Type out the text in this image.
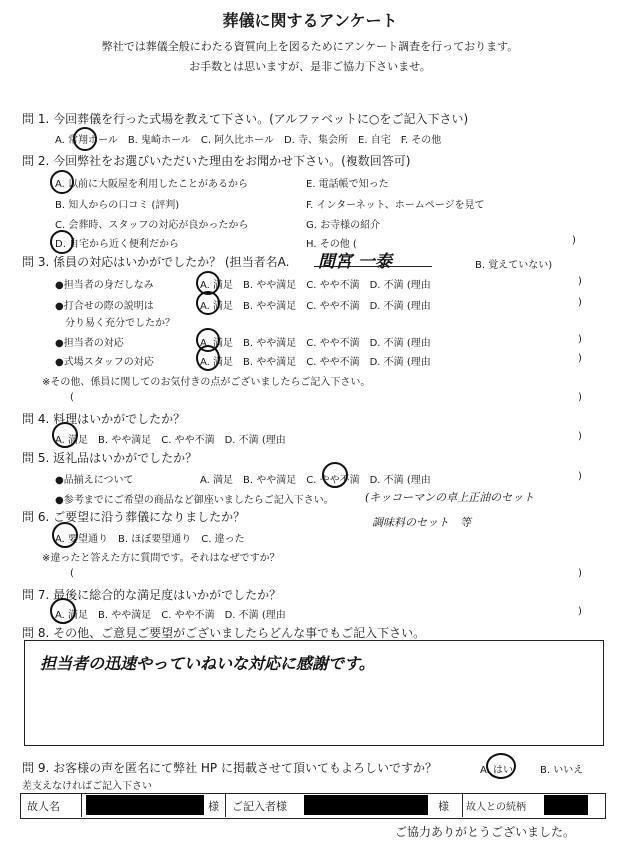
葬儀に関するアンケート
弊社では葬儀全般にわたる資質向上を図るためにアンケート調査を行っております。
お手数とは思いますが、是非ご協力下さいませ。
問 1. 今回葬儀を行った式場を教えて下さい。(アルファベットに○をご記入下さい)
A. 常翔ホール　B. 鬼崎ホール　C. 阿久比ホール　D. 寺、集会所　E. 自宅　F. その他
問 2. 今回弊社をお選びいただいた理由をお聞かせ下さい。(複数回答可)
A. 以前に大阪屋を利用したことがあるから
B. 知人からの口コミ (評判)
C. 会葬時、スタッフの対応が良かったから
D. 自宅から近く便利だから
E. 電話帳で知った
F. インターネット、ホームページを見て
G. お寺様の紹介
H. その他 (	)
問 3. 係員の対応はいかがでしたか？ (担当者名A. 間宮 一泰	B. 覚えていない)
●担当者の身だしなみ	A. 満足　B. やや満足　C. やや不満　D. 不満 (理由	)
●打合せの際の説明は	A. 満足　B. やや満足　C. やや不満　D. 不満 (理由	)
　分り易く充分でしたか？
●担当者の対応	A. 満足　B. やや満足　C. やや不満　D. 不満 (理由	)
●式場スタッフの対応	A. 満足　B. やや満足　C. やや不満　D. 不満 (理由	)
※その他、係員に関してのお気付きの点がございましたらご記入下さい。
(	)
問 4. 料理はいかがでしたか？
A. 満足　B. やや満足　C. やや不満　D. 不満 (理由	)
問 5. 返礼品はいかがでしたか？
●品揃えについて	A. 満足　B. やや満足　C. やや不満　D. 不満 (理由	)
●参考までにご希望の商品など御座いましたらご記入下さい。	(キッコーマンの卓上正油のセット
調味料のセット　等
問 6. ご要望に沿う葬儀になりましたか？
A. 要望通り　B. ほぼ要望通り　C. 違った
※違ったと答えた方に質問です。それはなぜですか？
(	)
問 7. 最後に総合的な満足度はいかがでしたか？
A. 満足　B. やや満足　C. やや不満　D. 不満 (理由	)
問 8. その他、ご意見ご要望がございましたらどんな事でもご記入下さい。
担当者の迅速やっていねいな対応に感謝です。
問 9. お客様の声を匿名にて弊社 HP に掲載させて頂いてもよろしいですか？	A. はい	B. いいえ
差支えなければご記入下さい
故人名	様 ご記入者様	様 故人との続柄
ご協力ありがとうございました。
